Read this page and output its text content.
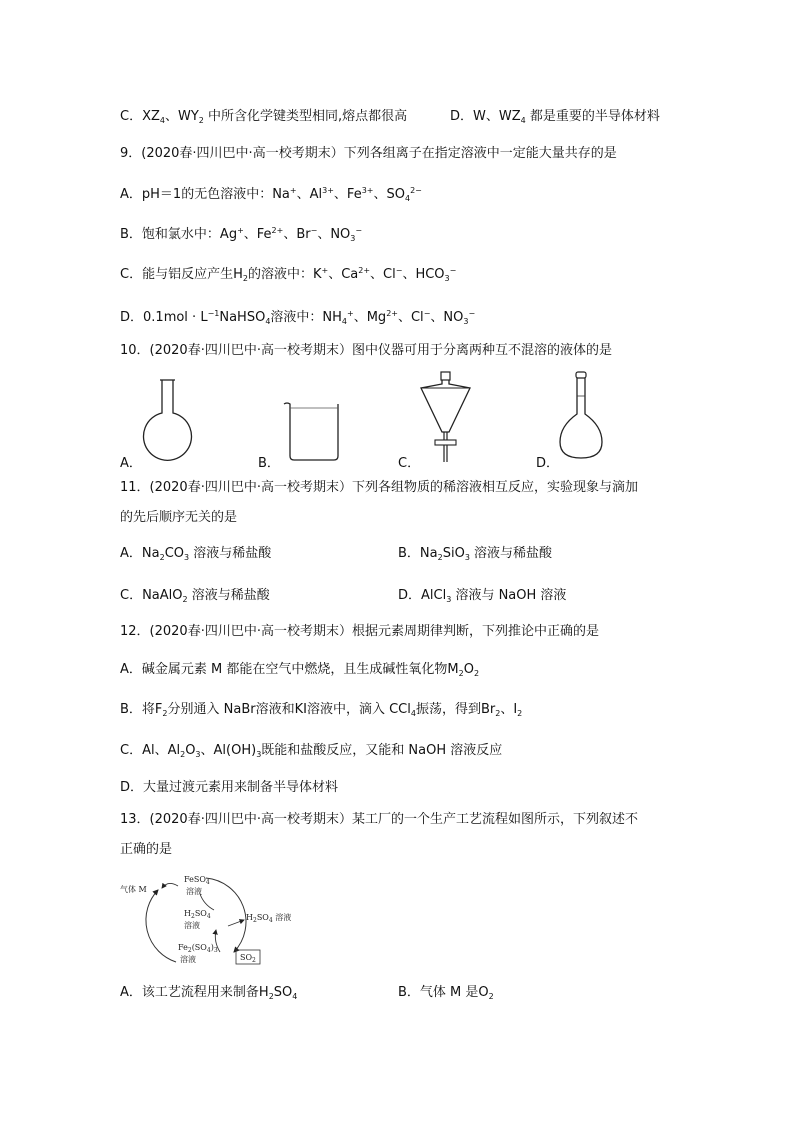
C．$XZ_4$、$WY_2$ 中所含化学键类型相同,熔点都很高	D．W、$WZ_4$ 都是重要的半导体材料
9．(2020春·四川巴中·高一校考期末）下列各组离子在指定溶液中一定能大量共存的是
A．pH＝1的无色溶液中：Na+、$Al^{3+}$、$Fe^{3+}$、$SO_4^{2-}$
B．饱和氯水中：Ag+、$Fe^{2+}$、Br−、$NO_3^-$
C．能与铝反应产生$H_2$的溶液中：K+、$Ca^{2+}$、Cl−、$HCO_3^-$
D．$0.1mol \cdot L^{-1}NaHSO_4$溶液中：$NH_4^+$、$Mg^{2+}$、Cl−、$NO_3^-$
10．(2020春·四川巴中·高一校考期末）图中仪器可用于分离两种互不混溶的液体的是
A．	B．	C．	D．
11．(2020春·四川巴中·高一校考期末）下列各组物质的稀溶液相互反应，实验现象与滴加
的先后顺序无关的是
A．$Na_2CO_3$ 溶液与稀盐酸	B．$Na_2SiO_3$ 溶液与稀盐酸
C．NaAlO$_2$ 溶液与稀盐酸	D．AlCl$_3$ 溶液与 NaOH 溶液
12．(2020春·四川巴中·高一校考期末）根据元素周期律判断，下列推论中正确的是
A．碱金属元素 M 都能在空气中燃烧，且生成碱性氧化物$M_2O_2$
B．将$F_2$分别通入 NaBr溶液和KI溶液中，滴入 CCl$_4$振荡，得到$Br_2$、$I_2$
C．Al、$Al_2O_3$、$Al(OH)_3$既能和盐酸反应，又能和 NaOH 溶液反应
D．大量过渡元素用来制备半导体材料
13．(2020春·四川巴中·高一校考期末）某工厂的一个生产工艺流程如图所示，下列叙述不
正确的是
气体 M
FeSO$_4$
溶液
$H_2SO_4$
溶液
$H_2SO_4$ 溶液
$Fe_2(SO_4)_3$
溶液	$SO_2$
A．该工艺流程用来制备$H_2SO_4$	B．气体 M 是$O_2$
